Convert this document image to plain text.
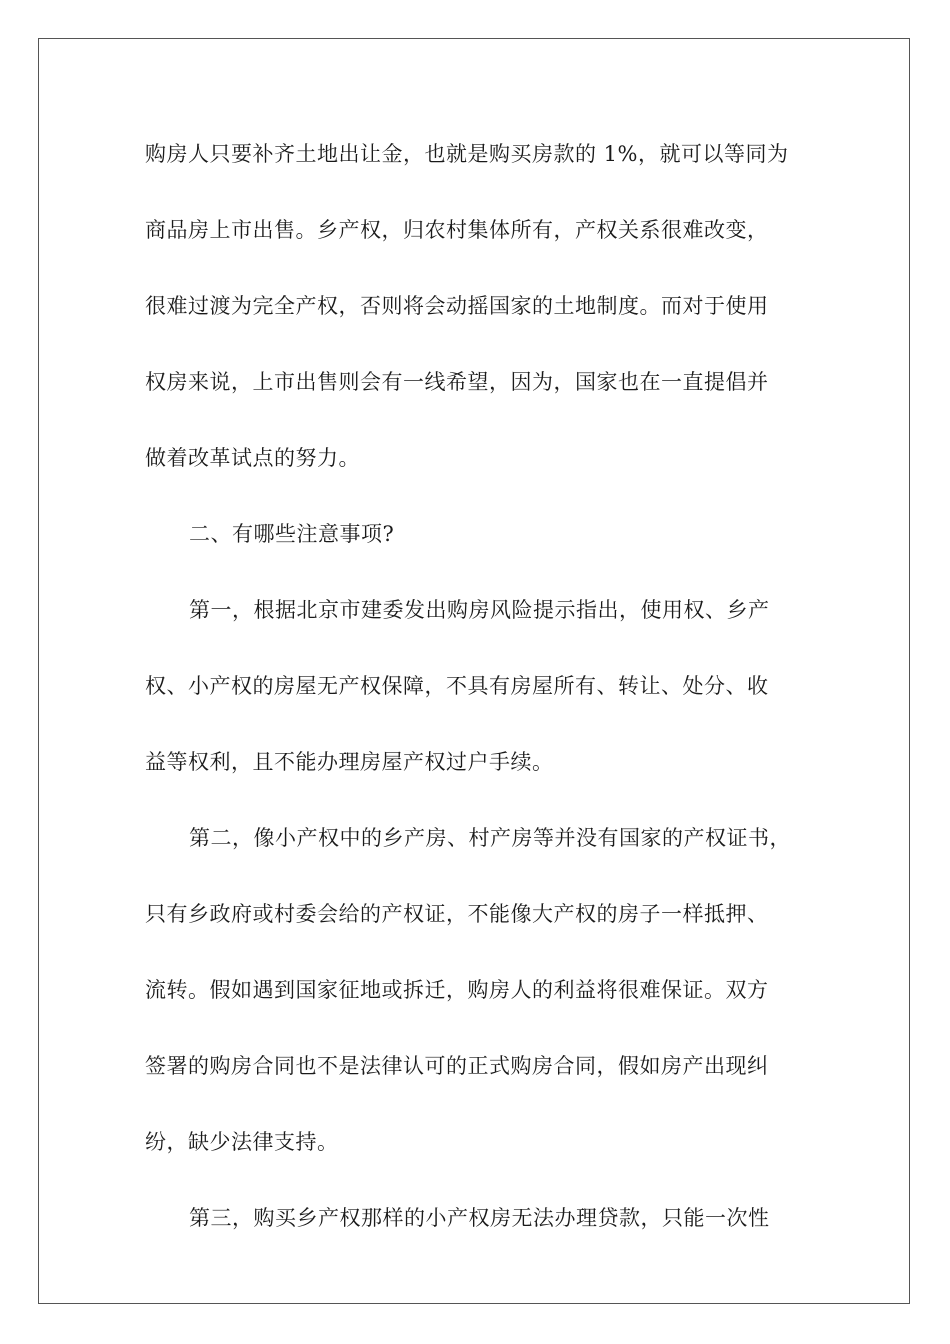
购房人只要补齐土地出让金，也就是购买房款的 1%，就可以等同为
商品房上市出售。乡产权，归农村集体所有，产权关系很难改变，
很难过渡为完全产权，否则将会动摇国家的土地制度。而对于使用
权房来说，上市出售则会有一线希望，因为，国家也在一直提倡并
做着改革试点的努力。
二、有哪些注意事项?
第一，根据北京市建委发出购房风险提示指出，使用权、乡产
权、小产权的房屋无产权保障，不具有房屋所有、转让、处分、收
益等权利，且不能办理房屋产权过户手续。
第二，像小产权中的乡产房、村产房等并没有国家的产权证书，
只有乡政府或村委会给的产权证，不能像大产权的房子一样抵押、
流转。假如遇到国家征地或拆迁，购房人的利益将很难保证。双方
签署的购房合同也不是法律认可的正式购房合同，假如房产出现纠
纷，缺少法律支持。
第三，购买乡产权那样的小产权房无法办理贷款，只能一次性
